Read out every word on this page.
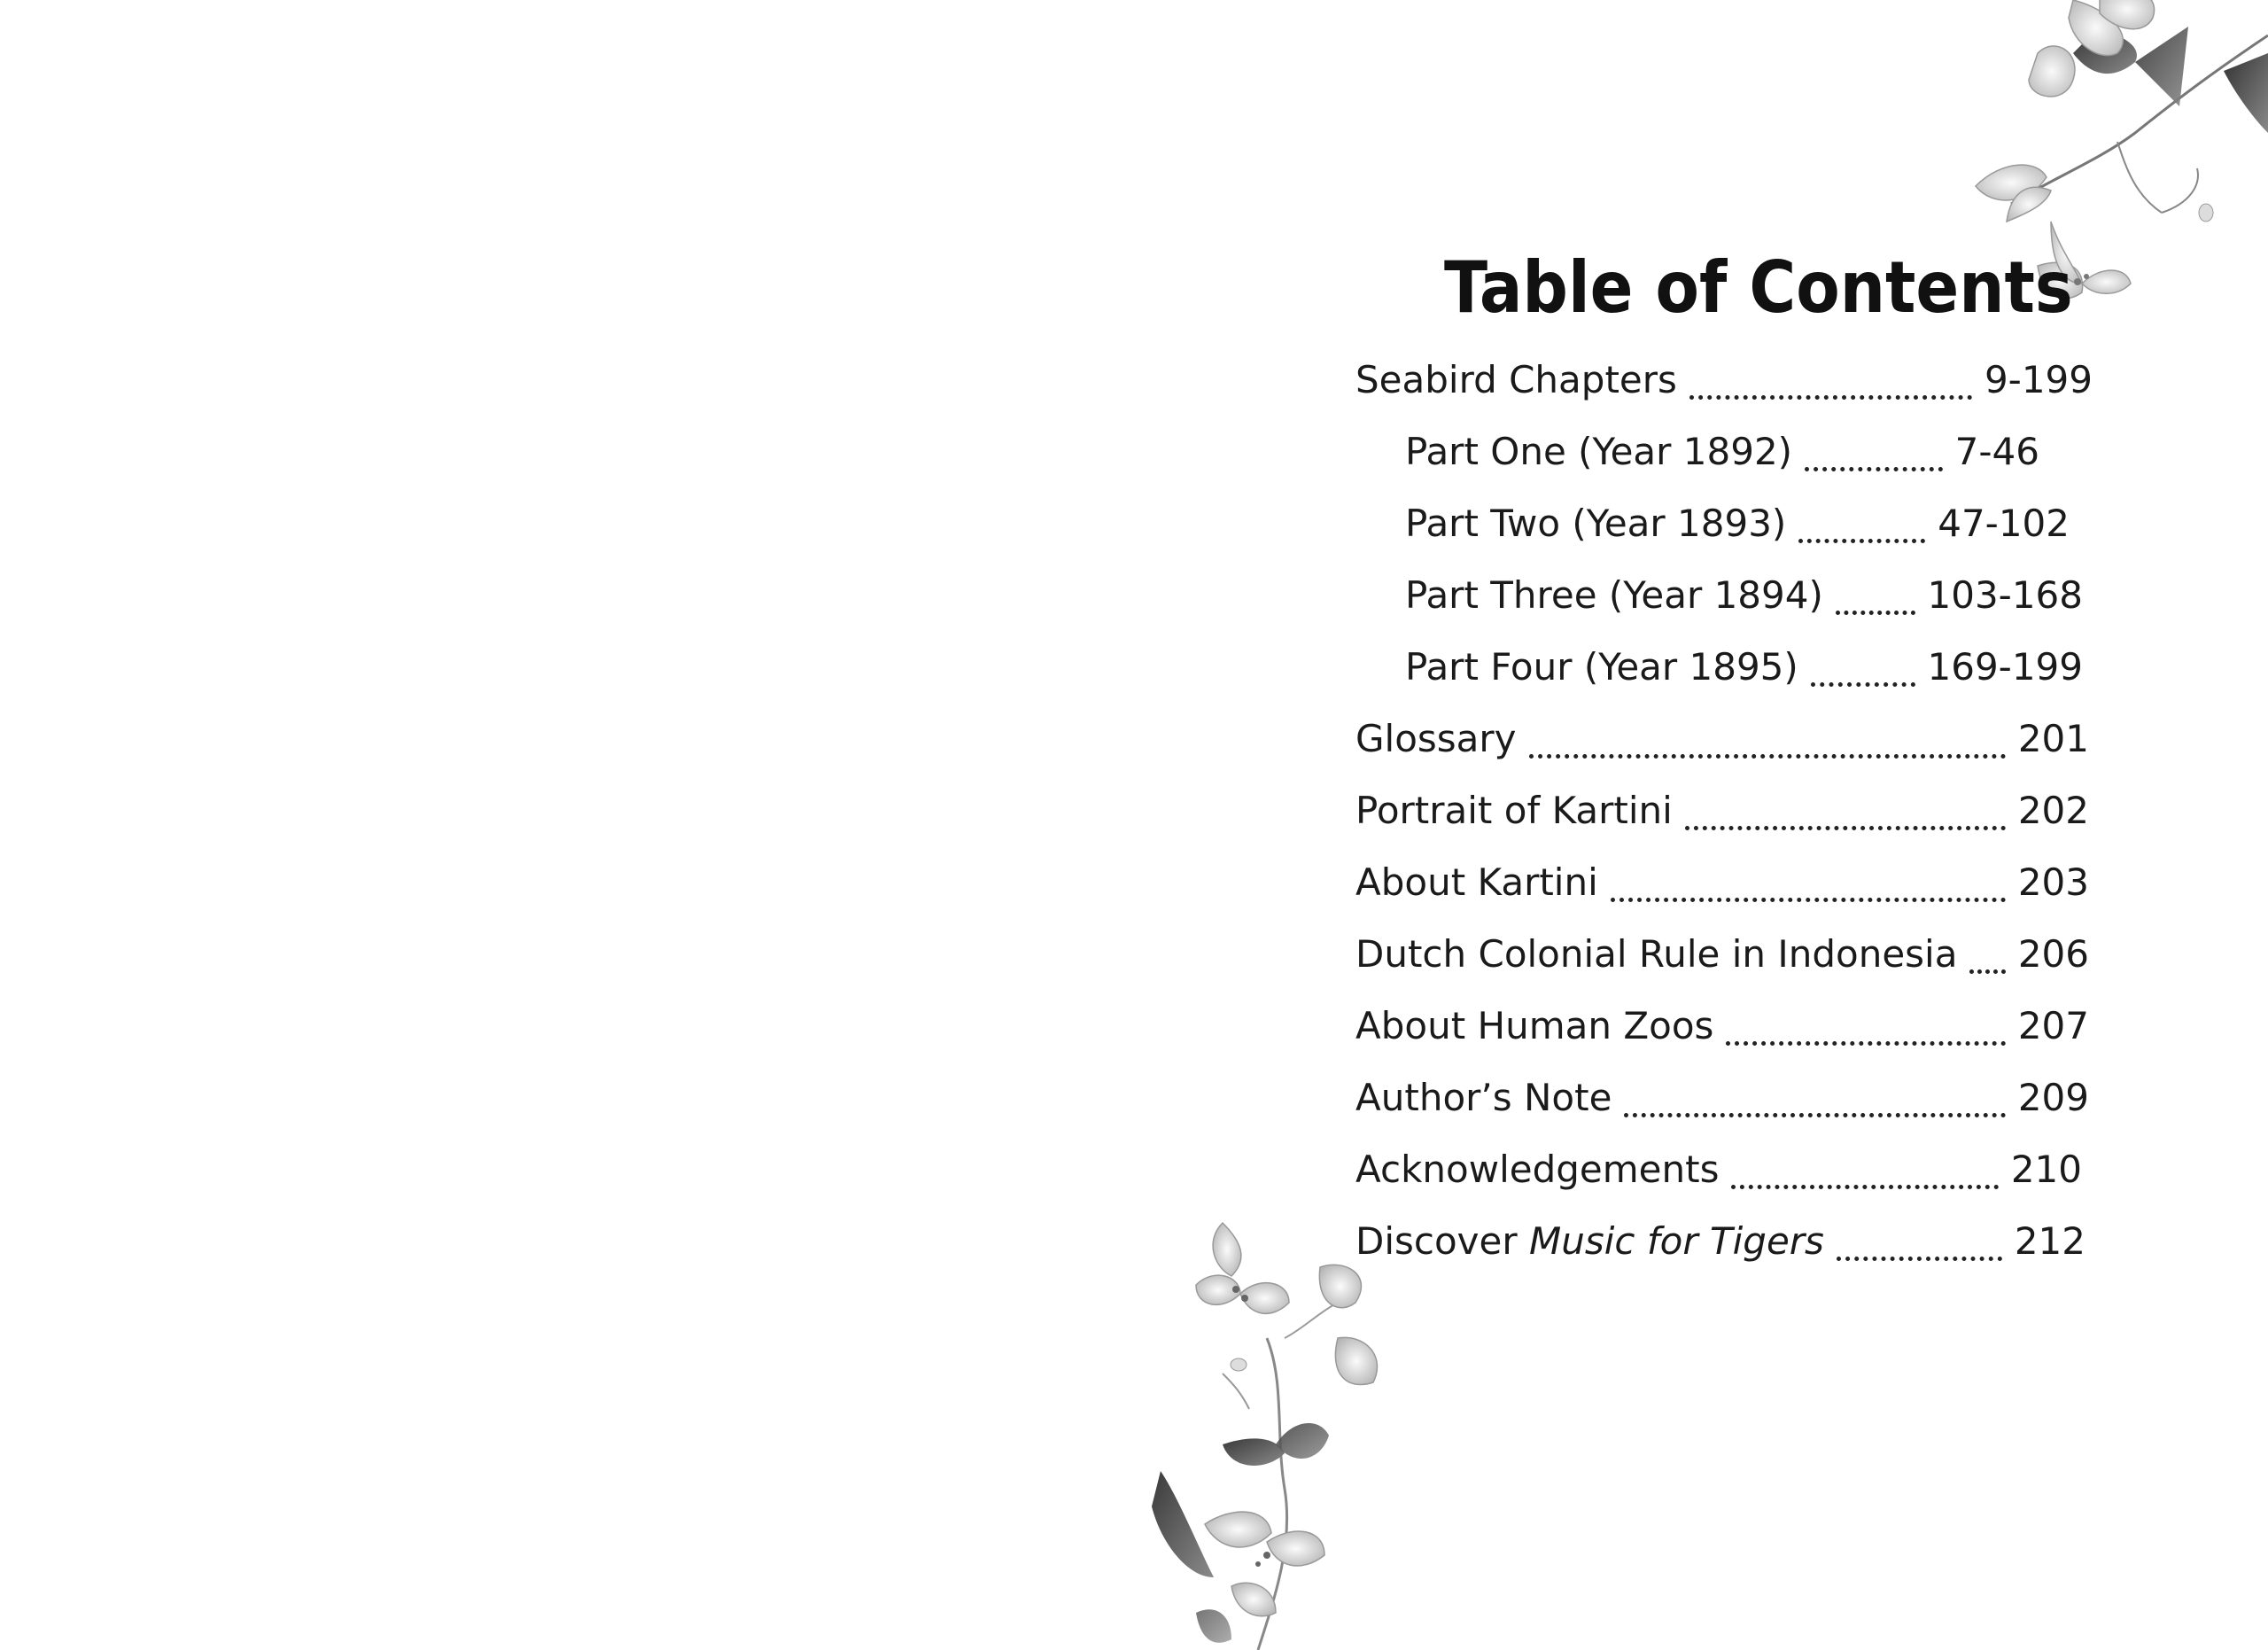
Table of Contents
Seabird Chapters	9-199
Part One (Year 1892)	7-46
Part Two (Year 1893)	47-102
Part Three (Year 1894)	103-168
Part Four (Year 1895)	169-199
Glossary	201
Portrait of Kartini	202
About Kartini	203
Dutch Colonial Rule in Indonesia 206
About Human Zoos	207
Author’s Note	209
Acknowledgements	210
Discover Music for Tigers	212
